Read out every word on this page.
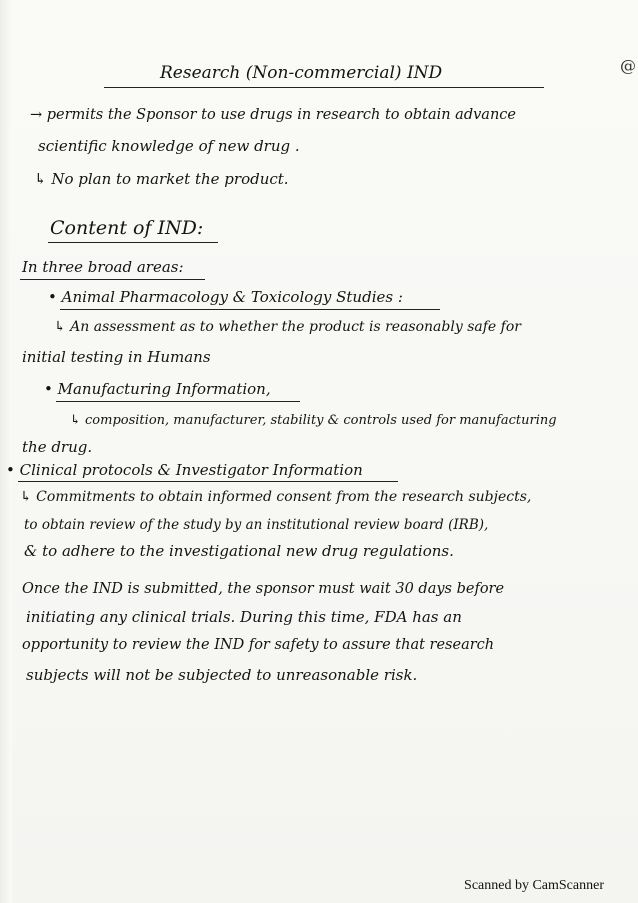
Research (Non-commercial) IND	@
→ permits the Sponsor to use drugs in research to obtain advance
scientific knowledge of new drug .
↳ No plan to market the product.
Content of IND:
In three broad areas:
• Animal Pharmacology & Toxicology Studies :
↳ An assessment as to whether the product is reasonably safe for
initial testing in Humans
• Manufacturing Information,
↳ composition, manufacturer, stability & controls used for manufacturing
the drug.
• Clinical protocols & Investigator Information
↳ Commitments to obtain informed consent from the research subjects,
to obtain review of the study by an institutional review board (IRB),
& to adhere to the investigational new drug regulations.
Once the IND is submitted, the sponsor must wait 30 days before
initiating any clinical trials. During this time, FDA has an
opportunity to review the IND for safety to assure that research
subjects will not be subjected to unreasonable risk.
Scanned by CamScanner
